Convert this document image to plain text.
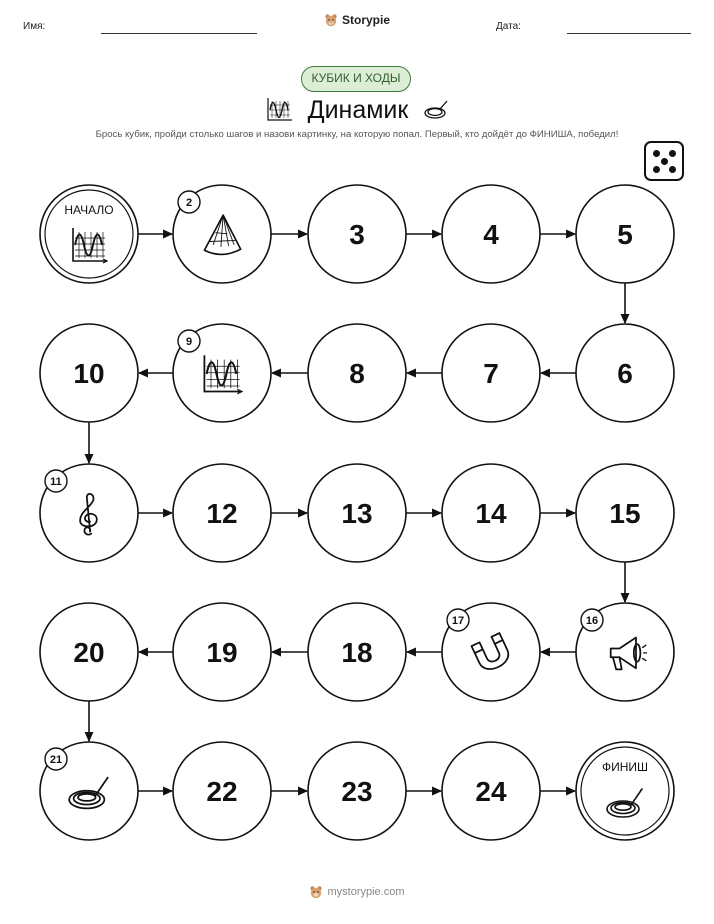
Имя:	Дата:
Storypie
КУБИК И ХОДЫ
Динамик
Брось кубик, пройди столько шагов и назови картинку, на которую попал. Первый, кто дойдёт до ФИНИША, победил!
НАЧАЛО	2
3	4	5
6
7
8
9
10
11
12	13	14	15
16
17
18
19
20
21
22	23	24
ФИНИШ
mystorypie.com
